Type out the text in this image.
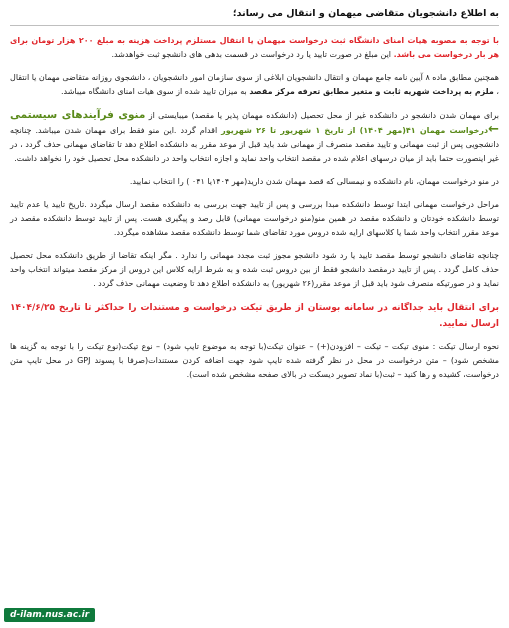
به اطلاع دانشجویان متقاضی میهمان و انتقال می رساند؛

با توجه به مصوبه هیات امنای دانشگاه ثبت درخواست میهمان یا انتقال مستلزم پرداخت هزینه به مبلغ ۲۰۰ هزار تومان برای هر بار درخواست می باشد. این مبلغ در صورت تایید یا رد درخواست در قسمت بدهی های دانشجو ثبت خواهدشد.

همچنین مطابق ماده ۸ آیین نامه جامع مهمان و انتقال دانشجویان ابلاغی از سوی سازمان امور دانشجویان ، دانشجوی روزانه متقاضی مهمان یا انتقال ، ملزم به پرداخت شهریه ثابت و متغیر مطابق تعرفه مرکز مقصد به میزان تایید شده از سوی هیات امنای دانشگاه میباشد.

برای مهمان شدن دانشجو در دانشکده غیر از محل تحصیل (دانشکده مهمان پذیر یا مقصد) میبایستی از منوی فرآیندهای سیستمی ←درخواست مهمان ۴۱(مهر ۱۴۰۴) از تاریخ ۱ شهریور تا ۲۶ شهریور اقدام گردد .این منو فقط برای مهمان شدن میباشد. چنانچه دانشجویی پس از ثبت مهمانی و تایید مقصد منصرف از مهمانی شد باید قبل از موعد مقرر به دانشکده اطلاع دهد تا تقاضای مهمانی حذف گردد ، در غیر اینصورت حتما باید از میان درسهای اعلام شده در مقصد انتخاب واحد نماید و اجازه انتخاب واحد در دانشکده محل تحصیل خود را نخواهد داشت.

در منو درخواست مهمان، نام دانشکده و نیمسالی که قصد مهمان شدن دارید(مهر ۱۴۰۴یا ۰۴۱ ) را انتخاب نمایید.

مراحل درخواست مهمانی ابتدا توسط دانشکده مبدا بررسی و پس از تایید جهت بررسی به دانشکده مقصد ارسال میگردد .تاریخ تایید یا عدم تایید توسط دانشکده خودتان و دانشکده مقصد در همین منو(منو درخواست مهمانی) قابل رصد و پیگیری هست. پس از تایید توسط دانشکده مقصد در موعد مقرر انتخاب واحد شما یا کلاسهای ارایه شده دروس مورد تقاضای شما توسط دانشکده مقصد مشاهده میگردد.

چنانچه تقاضای دانشجو توسط مقصد تایید یا رد شود دانشجو مجوز ثبت مجدد مهمانی را ندارد . مگر اینکه تقاضا از طریق دانشکده محل تحصیل حذف کامل گردد . پس از تایید درمقصد دانشجو فقط از بین دروس ثبت شده و به شرط ارایه کلاس این دروس از مرکز مقصد میتواند انتخاب واحد نماید و در صورتیکه منصرف شود باید قبل از موعد مقرر(۲۶ شهریور) به دانشکده اطلاع دهد تا وضعیت مهمانی حذف گردد .

برای انتقال باید جداگانه در سامانه بوستان از طریق تیکت درخواست و مستندات را حداکثر تا تاریخ ۱۴۰۴/۶/۲۵ ارسال نمایید.

نحوه ارسال تیکت : منوی تیکت – تیکت – افزودن(+) – عنوان تیکت(با توجه به موضوع تایپ شود) – نوع تیکت(نوع تیکت را با توجه به گزینه ها مشخص شود) – متن درخواست در محل در نظر گرفته شده تایپ شود جهت اضافه کردن مستندات(صرفا با پسوند GPJ در محل تایپ متن درخواست، کشیده و رها کنید – ثبت(با نماد تصویر دیسکت در بالای صفحه مشخص شده است).

d-ilam.nus.ac.ir
